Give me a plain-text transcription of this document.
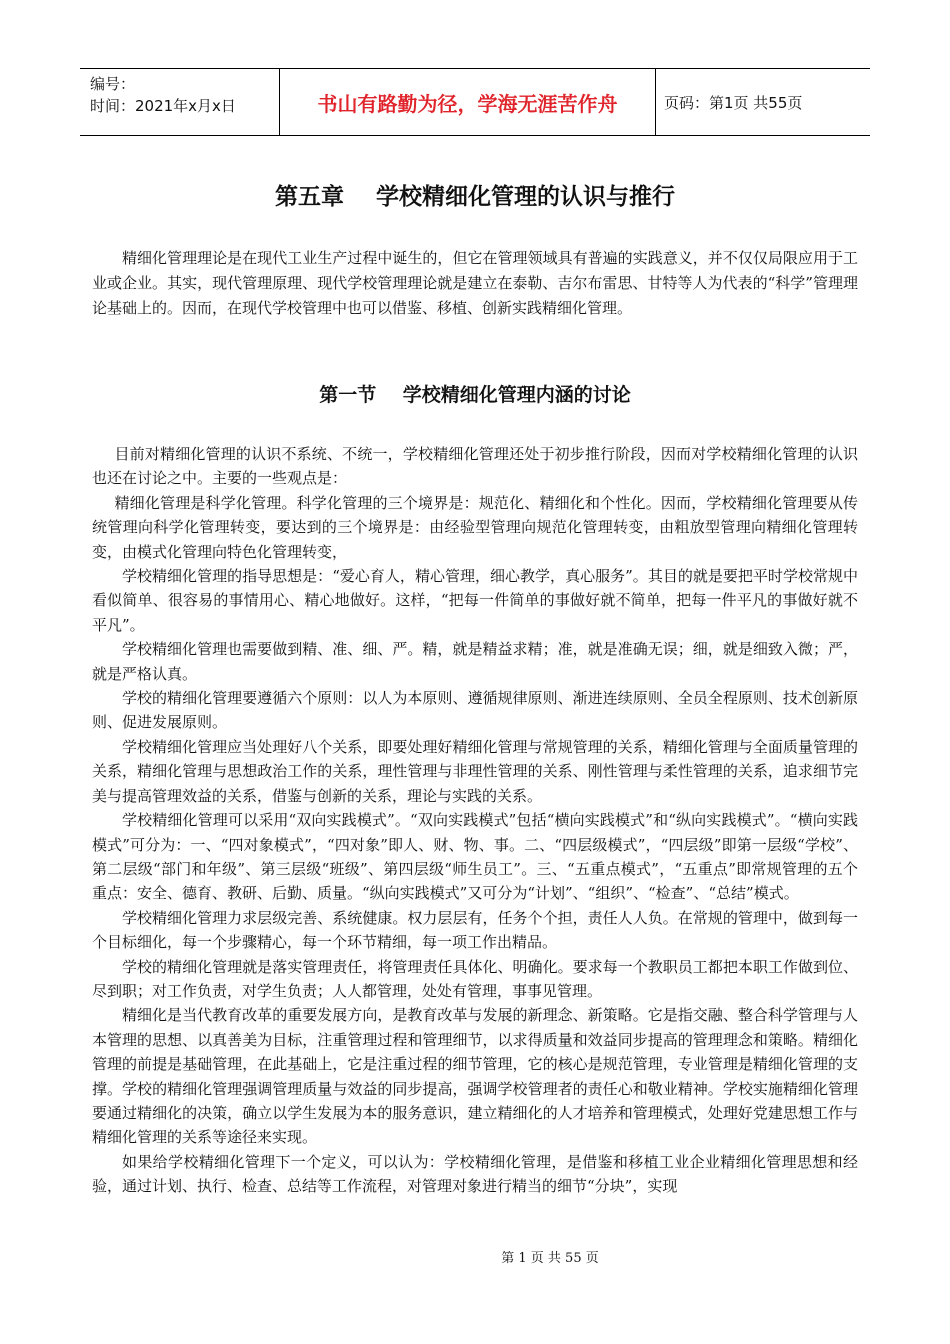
编号：
时间：2021年x月x日	书山有路勤为径，学海无涯苦作舟	页码：第1页 共55页
第五章    学校精细化管理的认识与推行
精细化管理理论是在现代工业生产过程中诞生的，但它在管理领域具有普遍的实践意义，并不仅仅局限应用于工业或企业。其实，现代管理原理、现代学校管理理论就是建立在泰勒、吉尔布雷思、甘特等人为代表的“科学”管理理论基础上的。因而，在现代学校管理中也可以借鉴、移植、创新实践精细化管理。
第一节    学校精细化管理内涵的讨论

目前对精细化管理的认识不系统、不统一，学校精细化管理还处于初步推行阶段，因而对学校精细化管理的认识也还在讨论之中。主要的一些观点是：

精细化管理是科学化管理。科学化管理的三个境界是：规范化、精细化和个性化。因而，学校精细化管理要从传统管理向科学化管理转变，要达到的三个境界是：由经验型管理向规范化管理转变，由粗放型管理向精细化管理转变，由模式化管理向特色化管理转变，

学校精细化管理的指导思想是：“爱心育人，精心管理，细心教学，真心服务”。其目的就是要把平时学校常规中看似简单、很容易的事情用心、精心地做好。这样，“把每一件简单的事做好就不简单，把每一件平凡的事做好就不平凡”。

学校精细化管理也需要做到精、准、细、严。精，就是精益求精；准，就是准确无误；细，就是细致入微；严，就是严格认真。

学校的精细化管理要遵循六个原则：以人为本原则、遵循规律原则、渐进连续原则、全员全程原则、技术创新原则、促进发展原则。

学校精细化管理应当处理好八个关系，即要处理好精细化管理与常规管理的关系，精细化管理与全面质量管理的关系，精细化管理与思想政治工作的关系，理性管理与非理性管理的关系、刚性管理与柔性管理的关系，追求细节完美与提高管理效益的关系，借鉴与创新的关系，理论与实践的关系。

学校精细化管理可以采用“双向实践模式”。“双向实践模式”包括“横向实践模式”和“纵向实践模式”。“横向实践模式”可分为：一、“四对象模式”，“四对象”即人、财、物、事。二、“四层级模式”，“四层级”即第一层级“学校”、第二层级“部门和年级”、第三层级“班级”、第四层级“师生员工”。三、“五重点模式”，“五重点”即常规管理的五个重点：安全、德育、教研、后勤、质量。“纵向实践模式”又可分为“计划”、“组织”、“检查”、“总结”模式。

学校精细化管理力求层级完善、系统健康。权力层层有，任务个个担，责任人人负。在常规的管理中，做到每一个目标细化，每一个步骤精心，每一个环节精细，每一项工作出精品。

学校的精细化管理就是落实管理责任，将管理责任具体化、明确化。要求每一个教职员工都把本职工作做到位、尽到职；对工作负责，对学生负责；人人都管理，处处有管理，事事见管理。

精细化是当代教育改革的重要发展方向，是教育改革与发展的新理念、新策略。它是指交融、整合科学管理与人本管理的思想、以真善美为目标，注重管理过程和管理细节，以求得质量和效益同步提高的管理理念和策略。精细化管理的前提是基础管理，在此基础上，它是注重过程的细节管理，它的核心是规范管理，专业管理是精细化管理的支撑。学校的精细化管理强调管理质量与效益的同步提高，强调学校管理者的责任心和敬业精神。学校实施精细化管理要通过精细化的决策，确立以学生发展为本的服务意识，建立精细化的人才培养和管理模式，处理好党建思想工作与精细化管理的关系等途径来实现。

如果给学校精细化管理下一个定义，可以认为：学校精细化管理，是借鉴和移植工业企业精细化管理思想和经验，通过计划、执行、检查、总结等工作流程，对管理对象进行精当的细节“分块”，实现

第 1 页 共 55 页
